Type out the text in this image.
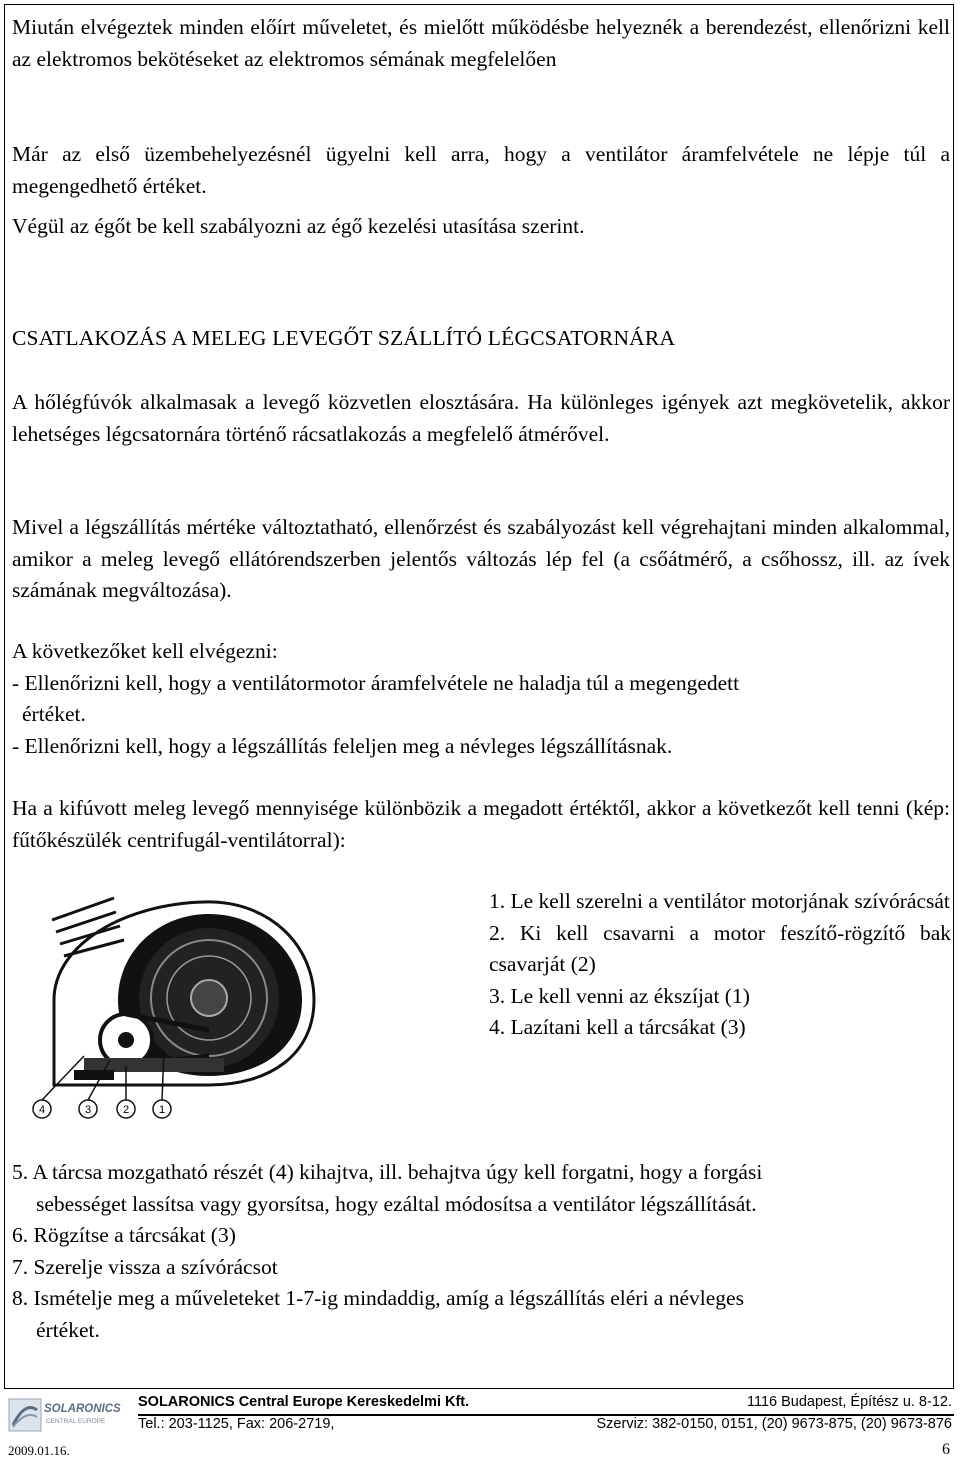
Miután elvégeztek minden előírt műveletet, és mielőtt működésbe helyeznék a berendezést, ellenőrizni kell az elektromos bekötéseket az elektromos sémának megfelelően

Már az első üzembehelyezésnél ügyelni kell arra, hogy a ventilátor áramfelvétele ne lépje túl a megengedhető értéket.

Végül az égőt be kell szabályozni az égő kezelési utasítása szerint.

CSATLAKOZÁS A MELEG LEVEGŐT SZÁLLÍTÓ LÉGCSATORNÁRA

A hőlégfúvók alkalmasak a levegő közvetlen elosztására. Ha különleges igények azt megkövetelik, akkor lehetséges légcsatornára történő rácsatlakozás a megfelelő átmérővel.

Mivel a légszállítás mértéke változtatható, ellenőrzést és szabályozást kell végrehajtani minden alkalommal, amikor a meleg levegő ellátórendszerben jelentős változás lép fel (a csőátmérő, a csőhossz, ill. az ívek számának megváltozása).

A következőket kell elvégezni:

- Ellenőrizni kell, hogy a ventilátormotor áramfelvétele ne haladja túl a megengedett

értéket.

- Ellenőrizni kell, hogy a légszállítás feleljen meg a névleges légszállításnak.

Ha a kifúvott meleg levegő mennyisége különbözik a megadott értéktől, akkor a következőt kell tenni (kép: fűtőkészülék centrifugál-ventilátorral):

4	3	2	1

1. Le kell szerelni a ventilátor motorjának szívórácsát

2. Ki kell csavarni a motor feszítő-rögzítő bak csavarját (2)

3. Le kell venni az ékszíjat (1)

4. Lazítani kell a tárcsákat (3)

5. A tárcsa mozgatható részét (4) kihajtva, ill. behajtva úgy kell forgatni, hogy a forgási

sebességet lassítsa vagy gyorsítsa, hogy ezáltal módosítsa a ventilátor légszállítását.

6. Rögzítse a tárcsákat (3)

7. Szerelje vissza a szívórácsot

8. Ismételje meg a műveleteket 1-7-ig mindaddig, amíg a légszállítás eléri a névleges

értéket.

SOLARONICS
CENTRAL EUROPE
SOLARONICS Central Europe Kereskedelmi Kft.	1116 Budapest, Építész u. 8-12.
Tel.: 203-1125, Fax: 206-2719,	Szerviz: 382-0150, 0151, (20) 9673-875, (20) 9673-876
2009.01.16.	6
